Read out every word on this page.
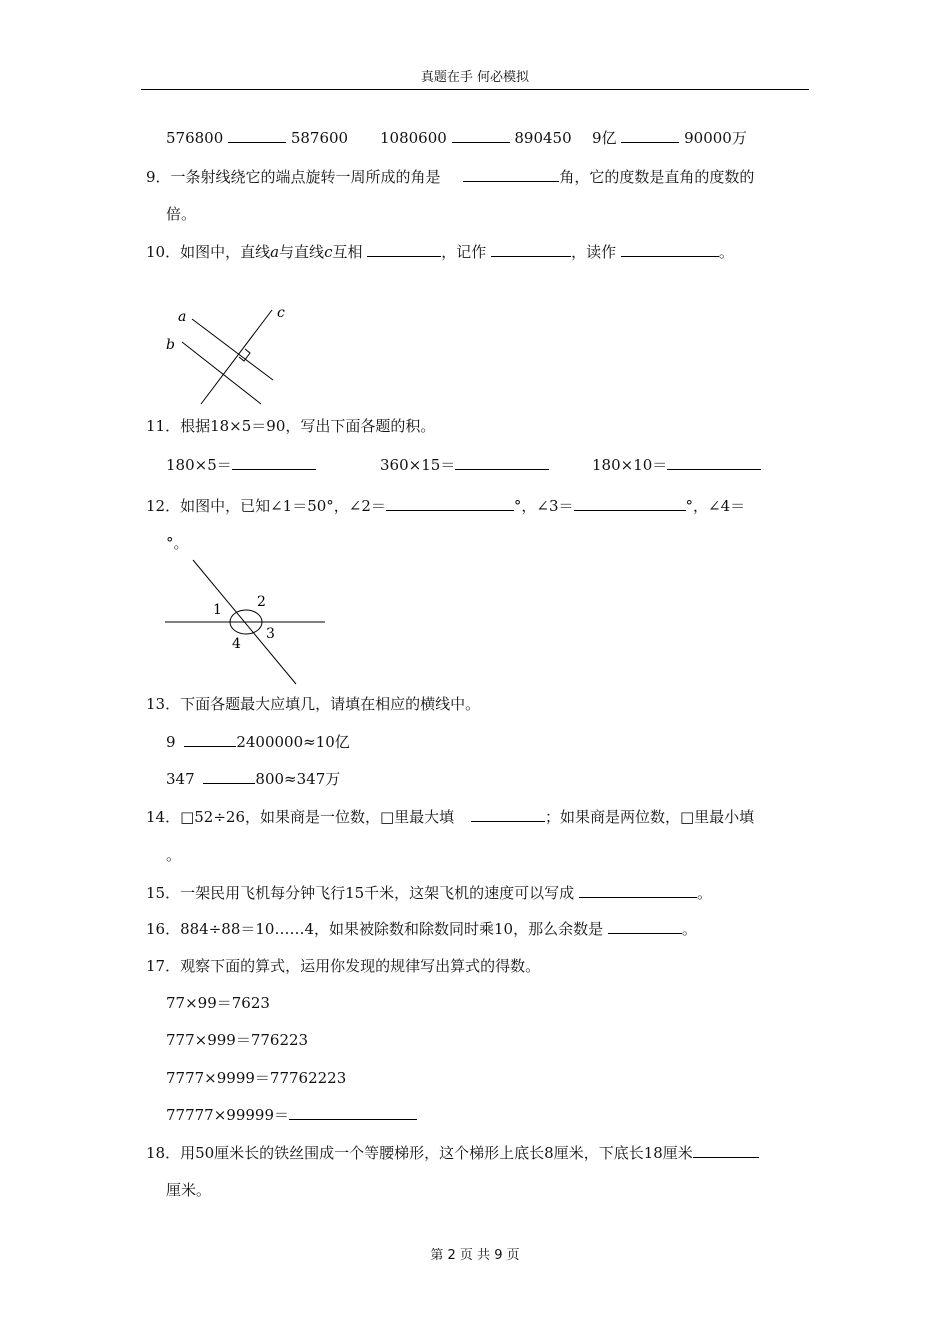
真题在手 何必模拟
576800	587600 1080600	890450 9亿	90000万
9．一条射线绕它的端点旋转一周所成的角是	角，它的度数是直角的度数的
倍。
10．如图中，直线a与直线c互相	，记作	，读作	。
a
b
c
11．根据18×5＝90，写出下面各题的积。
180×5＝	360×15＝	180×10＝
12．如图中，已知∠1＝50°，∠2＝	°，∠3＝	°，∠4＝
°。
1	2
3
4
13．下面各题最大应填几，请填在相应的横线中。
9	2400000≈10亿
347	800≈347万
14．□52÷26，如果商是一位数，□里最大填	；如果商是两位数，□里最小填
。
15．一架民用飞机每分钟飞行15千米，这架飞机的速度可以写成	。
16．884÷88＝10……4，如果被除数和除数同时乘10，那么余数是	。
17．观察下面的算式，运用你发现的规律写出算式的得数。
77×99＝7623
777×999＝776223
7777×9999＝77762223
77777×99999＝
18．用50厘米长的铁丝围成一个等腰梯形，这个梯形上底长8厘米，下底长18厘米
厘米。
第 2 页 共 9 页
